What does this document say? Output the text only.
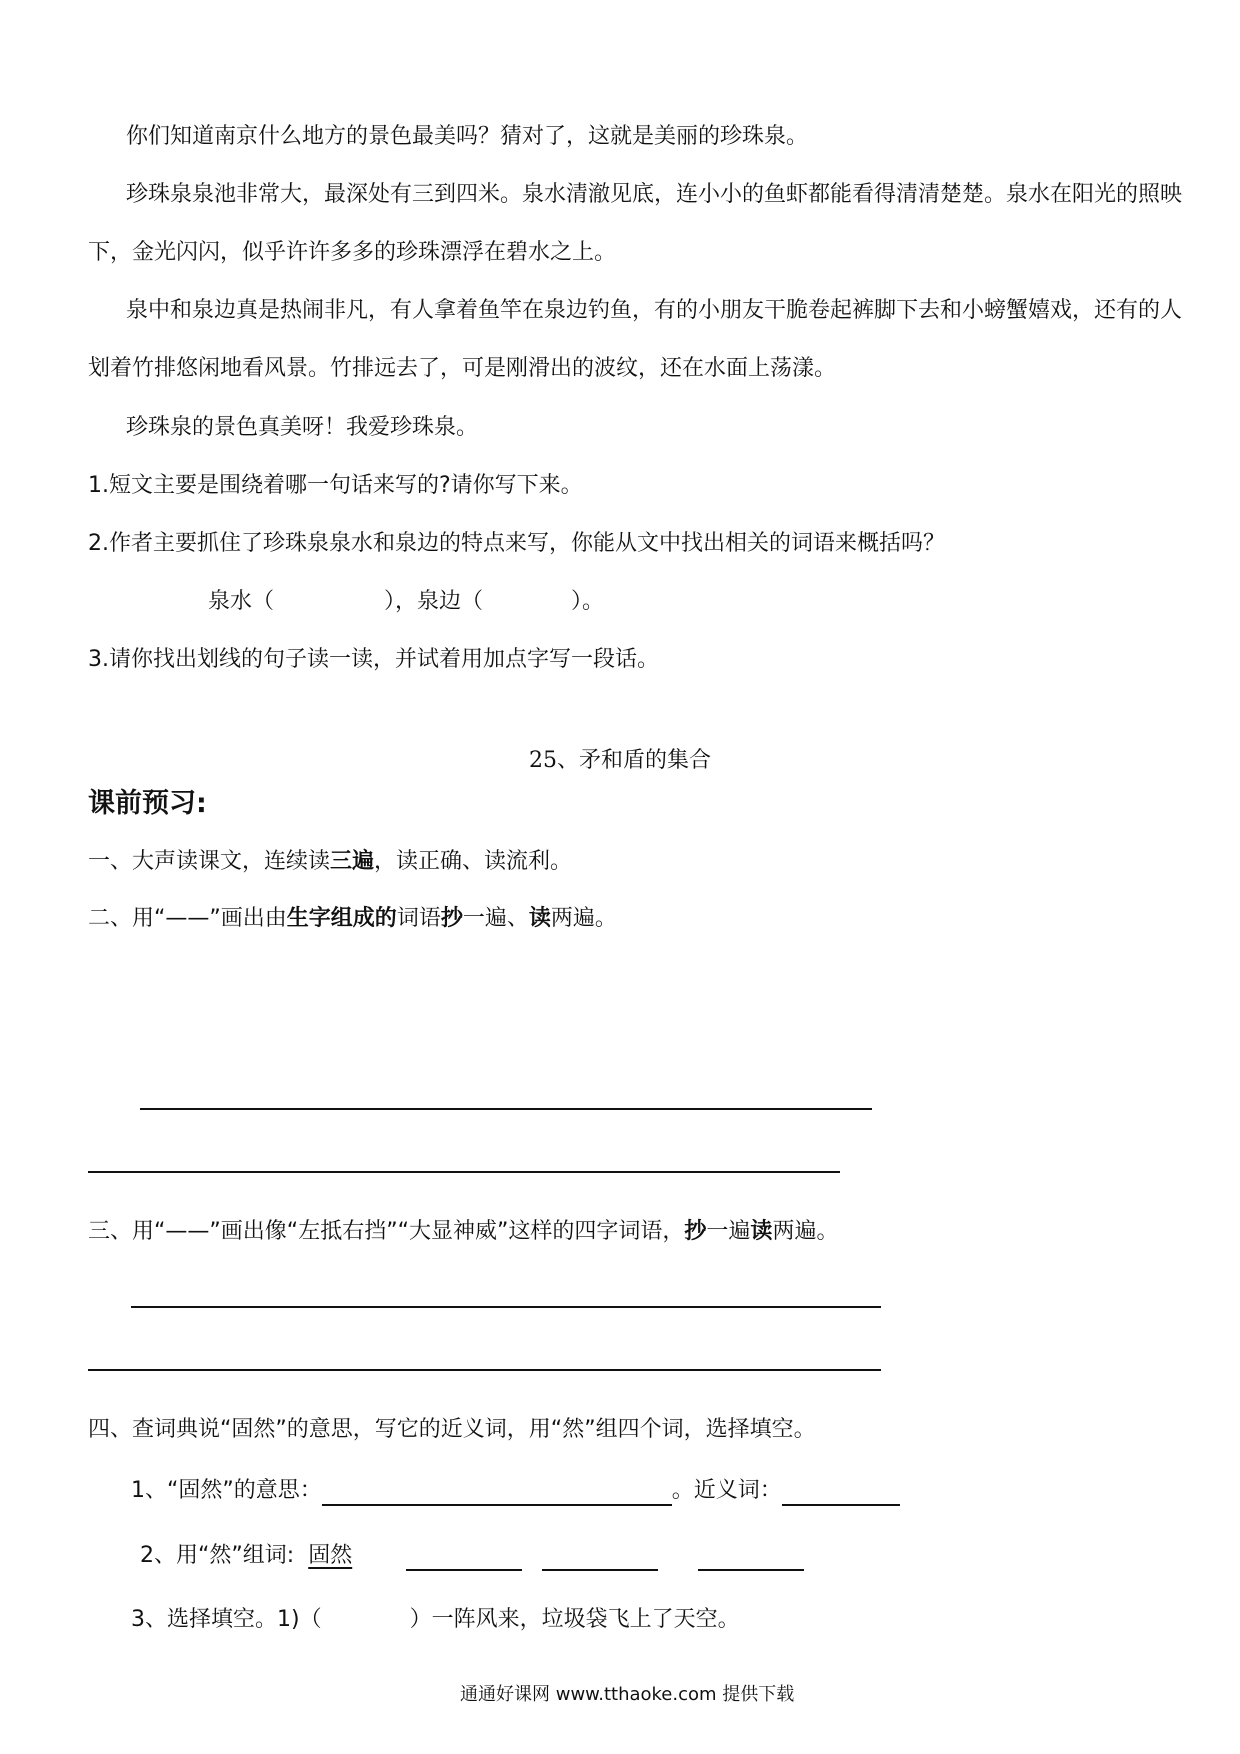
你们知道南京什么地方的景色最美吗？猜对了，这就是美丽的珍珠泉。
珍珠泉泉池非常大，最深处有三到四米。泉水清澈见底，连小小的鱼虾都能看得清清楚楚。泉水在阳光的照映
下，金光闪闪，似乎许许多多的珍珠漂浮在碧水之上。
泉中和泉边真是热闹非凡，有人拿着鱼竿在泉边钓鱼，有的小朋友干脆卷起裤脚下去和小螃蟹嬉戏，还有的人
划着竹排悠闲地看风景。竹排远去了，可是刚滑出的波纹，还在水面上荡漾。
珍珠泉的景色真美呀！我爱珍珠泉。
1.短文主要是围绕着哪一句话来写的?请你写下来。
2.作者主要抓住了珍珠泉泉水和泉边的特点来写，你能从文中找出相关的词语来概括吗？
泉水（　　　　　），泉边（　　　　）。
3.请你找出划线的句子读一读，并试着用加点字写一段话。
25、矛和盾的集合
课前预习:
一、大声读课文，连续读三遍，读正确、读流利。
二、用“——”画出由生字组成的词语抄一遍、读两遍。
三、用“——”画出像“左抵右挡”“大显神威”这样的四字词语，抄一遍读两遍。
四、查词典说“固然”的意思，写它的近义词，用“然”组四个词，选择填空。
1、“固然”的意思：	。近义词：
2、用“然”组词: 固然
3、选择填空。1)（　　　　）一阵风来，垃圾袋飞上了天空。
通通好课网 www.tthaoke.com 提供下载
